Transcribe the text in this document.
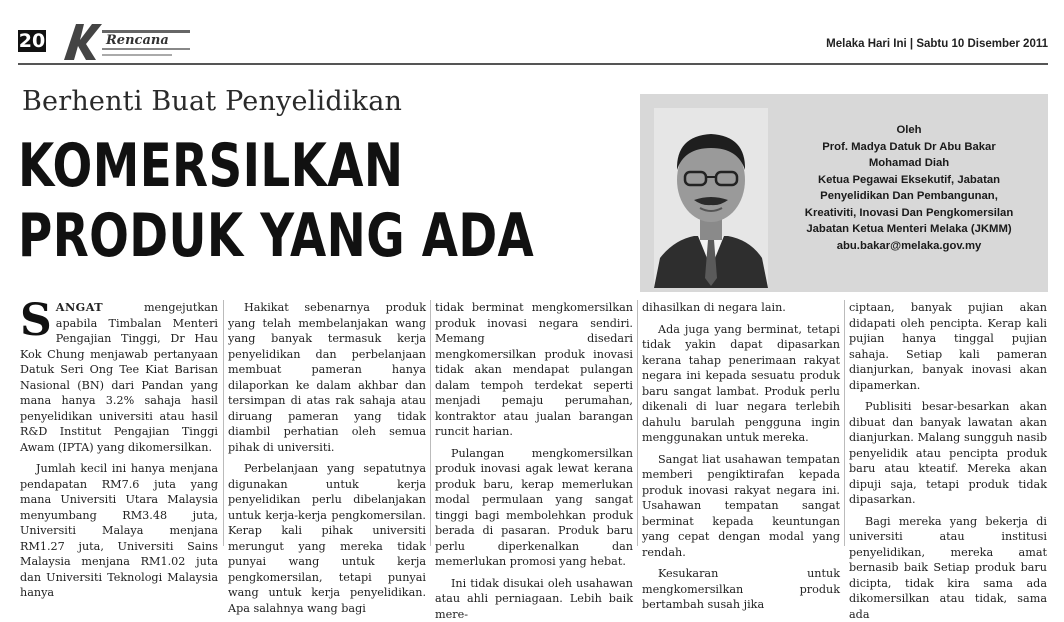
20	Rencana	Melaka Hari Ini | Sabtu 10 Disember 2011
Berhenti Buat Penyelidikan
KOMERSILKAN
PRODUK YANG ADA
Oleh
Prof. Madya Datuk Dr Abu Bakar
Mohamad Diah
Ketua Pegawai Eksekutif, Jabatan
Penyelidikan Dan Pembangunan,
Kreativiti, Inovasi Dan Pengkomersilan
Jabatan Ketua Menteri Melaka (JKMM)
abu.bakar@melaka.gov.my

SANGAT	mengejutkan apabila Timbalan Menteri Pengajian Tinggi, Dr Hau Kok Chung menjawab pertanyaan Datuk Seri Ong Tee Kiat Barisan Nasional (BN) dari Pandan yang mana hanya 3.2% sahaja hasil penyelidikan universiti atau hasil R&D Institut Pengajian Tinggi Awam (IPTA) yang dikomersilkan.

Jumlah kecil ini hanya menjana pendapatan RM7.6 juta yang mana Universiti Utara Malaysia menyumbang RM3.48 juta, Universiti Malaya menjana RM1.27 juta, Universiti Sains Malaysia menjana RM1.02 juta dan Universiti Teknologi Malaysia hanya

Hakikat sebenarnya produk yang telah membelanjakan wang yang banyak termasuk kerja penyelidikan dan perbelanjaan membuat pameran hanya dilaporkan ke dalam akhbar dan tersimpan di atas rak sahaja atau diruang pameran yang tidak diambil perhatian oleh semua pihak di universiti.

Perbelanjaan yang sepatutnya digunakan untuk kerja penyelidikan perlu dibelanjakan untuk kerja-kerja pengkomersilan. Kerap kali pihak universiti merungut yang mereka tidak punyai wang untuk kerja pengkomersilan, tetapi punyai wang untuk kerja penyelidikan. Apa salahnya wang bagi

tidak berminat mengkomersilkan produk inovasi negara sendiri. Memang disedari mengkomersilkan produk inovasi tidak akan mendapat pulangan dalam tempoh terdekat seperti menjadi pemaju perumahan, kontraktor atau jualan barangan runcit harian.

Pulangan mengkomersilkan produk inovasi agak lewat kerana produk baru, kerap memerlukan modal permulaan yang sangat tinggi bagi membolehkan produk berada di pasaran. Produk baru perlu diperkenalkan dan memerlukan promosi yang hebat.

Ini tidak disukai oleh usahawan atau ahli perniagaan. Lebih baik mere-

dihasilkan di negara lain.

Ada juga yang berminat, tetapi tidak yakin dapat dipasarkan kerana tahap penerimaan rakyat negara ini kepada sesuatu produk baru sangat lambat. Produk perlu dikenali di luar negara terlebih dahulu barulah pengguna ingin menggunakan untuk mereka.

Sangat liat usahawan tempatan memberi pengiktirafan kepada produk inovasi rakyat negara ini. Usahawan tempatan sangat berminat kepada keuntungan yang cepat dengan modal yang rendah.

Kesukaran untuk mengkomersilkan produk bertambah susah jika

ciptaan, banyak pujian akan didapati oleh pencipta. Kerap kali pujian hanya tinggal pujian sahaja. Setiap kali pameran dianjurkan, banyak inovasi akan dipamerkan.

Publisiti besar-besarkan akan dibuat dan banyak lawatan akan dianjurkan. Malang sungguh nasib penyelidik atau pencipta produk baru atau kteatif. Mereka akan dipuji saja, tetapi produk tidak dipasarkan.

Bagi mereka yang bekerja di universiti atau institusi penyelidikan, mereka amat bernasib baik Setiap produk baru dicipta, tidak kira sama ada dikomersilkan atau tidak, sama ada
